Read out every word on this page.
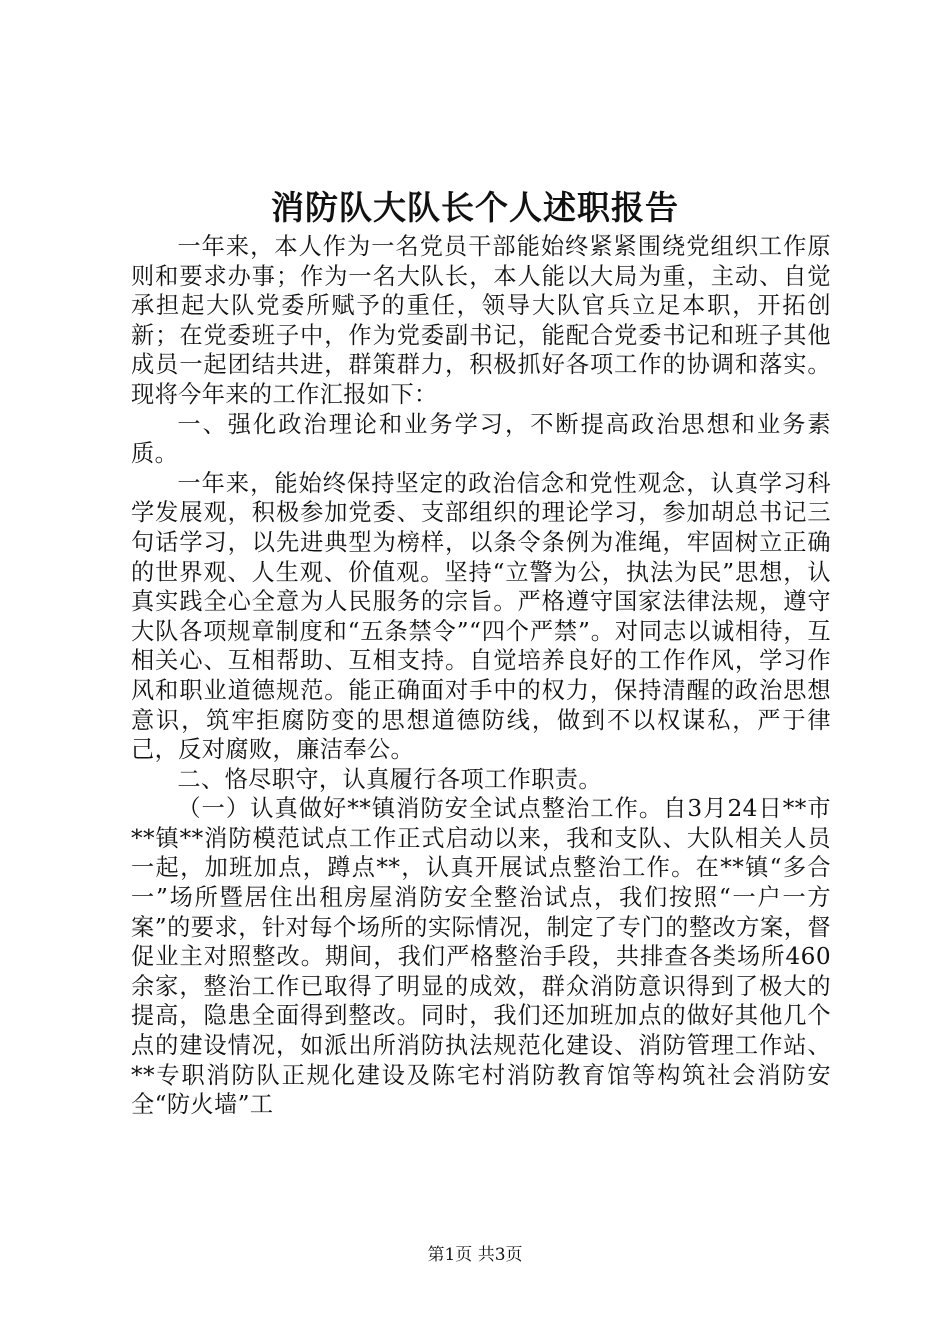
消防队大队长个人述职报告

一年来，本人作为一名党员干部能始终紧紧围绕党组织工作原则和要求办事；作为一名大队长，本人能以大局为重，主动、自觉承担起大队党委所赋予的重任，领导大队官兵立足本职，开拓创新；在党委班子中，作为党委副书记，能配合党委书记和班子其他成员一起团结共进，群策群力，积极抓好各项工作的协调和落实。现将今年来的工作汇报如下：

一、强化政治理论和业务学习，不断提高政治思想和业务素质。

一年来，能始终保持坚定的政治信念和党性观念，认真学习科学发展观，积极参加党委、支部组织的理论学习，参加胡总书记三句话学习，以先进典型为榜样，以条令条例为准绳，牢固树立正确的世界观、人生观、价值观。坚持“立警为公，执法为民”思想，认真实践全心全意为人民服务的宗旨。严格遵守国家法律法规，遵守大队各项规章制度和“五条禁令”“四个严禁”。对同志以诚相待，互相关心、互相帮助、互相支持。自觉培养良好的工作作风，学习作风和职业道德规范。能正确面对手中的权力，保持清醒的政治思想意识，筑牢拒腐防变的思想道德防线，做到不以权谋私，严于律己，反对腐败，廉洁奉公。

二、恪尽职守，认真履行各项工作职责。

（一）认真做好**镇消防安全试点整治工作。自3月24日**市**镇**消防模范试点工作正式启动以来，我和支队、大队相关人员一起，加班加点，蹲点**，认真开展试点整治工作。在**镇“多合一”场所暨居住出租房屋消防安全整治试点，我们按照“一户一方案”的要求，针对每个场所的实际情况，制定了专门的整改方案，督促业主对照整改。期间，我们严格整治手段，共排查各类场所460余家，整治工作已取得了明显的成效，群众消防意识得到了极大的提高，隐患全面得到整改。同时，我们还加班加点的做好其他几个点的建设情况，如派出所消防执法规范化建设、消防管理工作站、**专职消防队正规化建设及陈宅村消防教育馆等构筑社会消防安全“防火墙”工

第1页 共3页
